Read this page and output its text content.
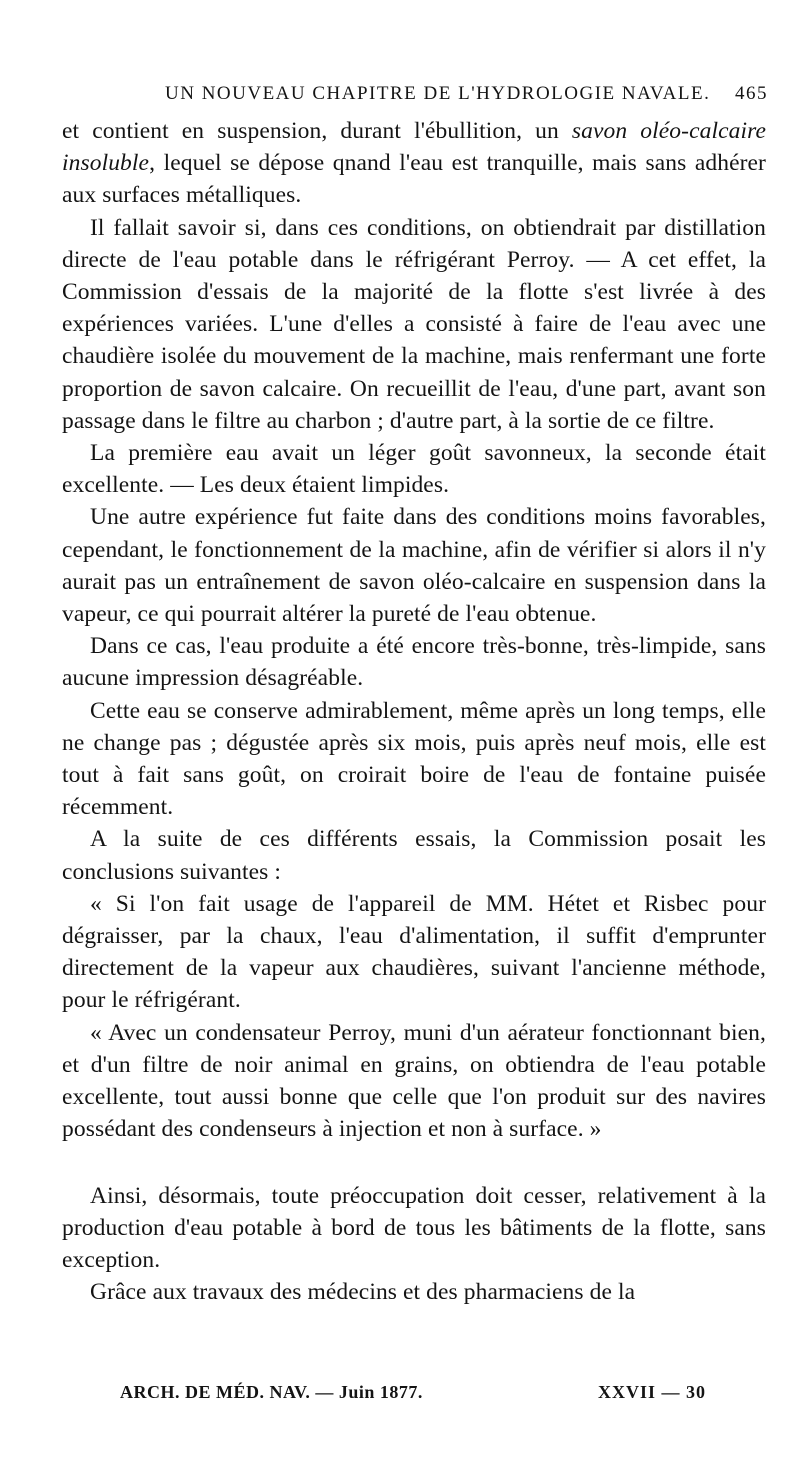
UN NOUVEAU CHAPITRE DE L'HYDROLOGIE NAVALE. 465

et contient en suspension, durant l'ébullition, un savon oléo-calcaire insoluble, lequel se dépose qnand l'eau est tranquille, mais sans adhérer aux surfaces métalliques.

Il fallait savoir si, dans ces conditions, on obtiendrait par distillation directe de l'eau potable dans le réfrigérant Perroy. — A cet effet, la Commission d'essais de la majorité de la flotte s'est livrée à des expériences variées. L'une d'elles a consisté à faire de l'eau avec une chaudière isolée du mouvement de la machine, mais renfermant une forte proportion de savon calcaire. On recueillit de l'eau, d'une part, avant son passage dans le filtre au charbon ; d'autre part, à la sortie de ce filtre.

La première eau avait un léger goût savonneux, la seconde était excellente. — Les deux étaient limpides.

Une autre expérience fut faite dans des conditions moins favorables, cependant, le fonctionnement de la machine, afin de vérifier si alors il n'y aurait pas un entraînement de savon oléo-calcaire en suspension dans la vapeur, ce qui pourrait altérer la pureté de l'eau obtenue.

Dans ce cas, l'eau produite a été encore très-bonne, très-limpide, sans aucune impression désagréable.

Cette eau se conserve admirablement, même après un long temps, elle ne change pas ; dégustée après six mois, puis après neuf mois, elle est tout à fait sans goût, on croirait boire de l'eau de fontaine puisée récemment.

A la suite de ces différents essais, la Commission posait les conclusions suivantes :

« Si l'on fait usage de l'appareil de MM. Hétet et Risbec pour dégraisser, par la chaux, l'eau d'alimentation, il suffit d'emprunter directement de la vapeur aux chaudières, suivant l'ancienne méthode, pour le réfrigérant.

« Avec un condensateur Perroy, muni d'un aérateur fonctionnant bien, et d'un filtre de noir animal en grains, on obtiendra de l'eau potable excellente, tout aussi bonne que celle que l'on produit sur des navires possédant des condenseurs à injection et non à surface. »

Ainsi, désormais, toute préoccupation doit cesser, relativement à la production d'eau potable à bord de tous les bâtiments de la flotte, sans exception.

Grâce aux travaux des médecins et des pharmaciens de la

ARCH. DE MÉD. NAV. — Juin 1877.	XXVII — 30
